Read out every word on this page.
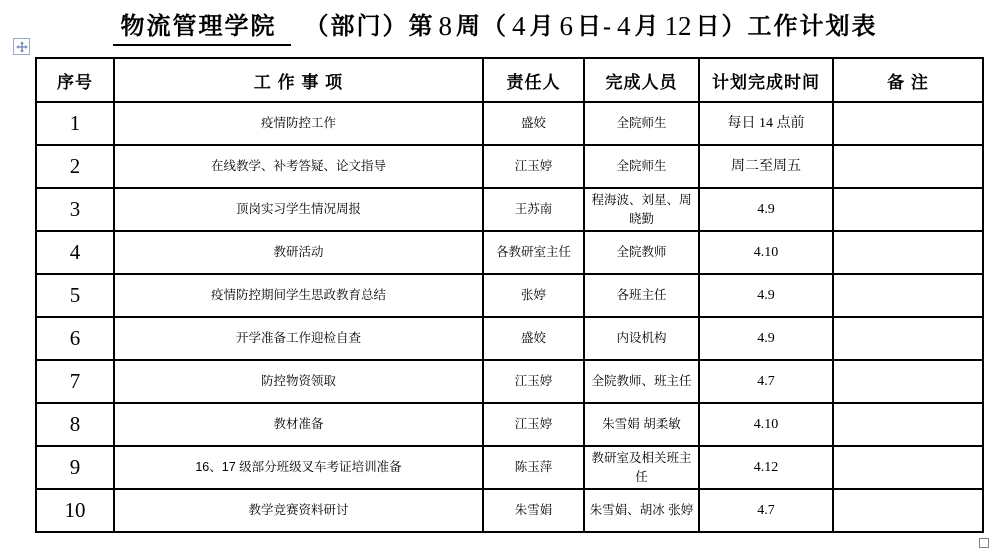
物流管理学院 （部门）第 8 周（ 4 月 6 日- 4 月 12 日）工作计划表
序号	工 作 事 项	责任人	完成人员	计划完成时间	备 注
1	疫情防控工作	盛姣	全院师生	每日 14 点前	
2	在线教学、补考答疑、论文指导	江玉婷	全院师生	周二至周五	
3	顶岗实习学生情况周报	王苏南	程海波、刘星、周晓勤	4.9	
4	教研活动	各教研室主任	全院教师	4.10	
5	疫情防控期间学生思政教育总结	张婷	各班主任	4.9	
6	开学准备工作迎检自查	盛姣	内设机构	4.9	
7	防控物资领取	江玉婷	全院教师、班主任	4.7	
8	教材准备	江玉婷	朱雪娟 胡柔敏	4.10	
9	16、17 级部分班级叉车考证培训准备	陈玉萍	教研室及相关班主任	4.12	
10	教学竞赛资料研讨	朱雪娟	朱雪娟、胡冰 张婷	4.7	
